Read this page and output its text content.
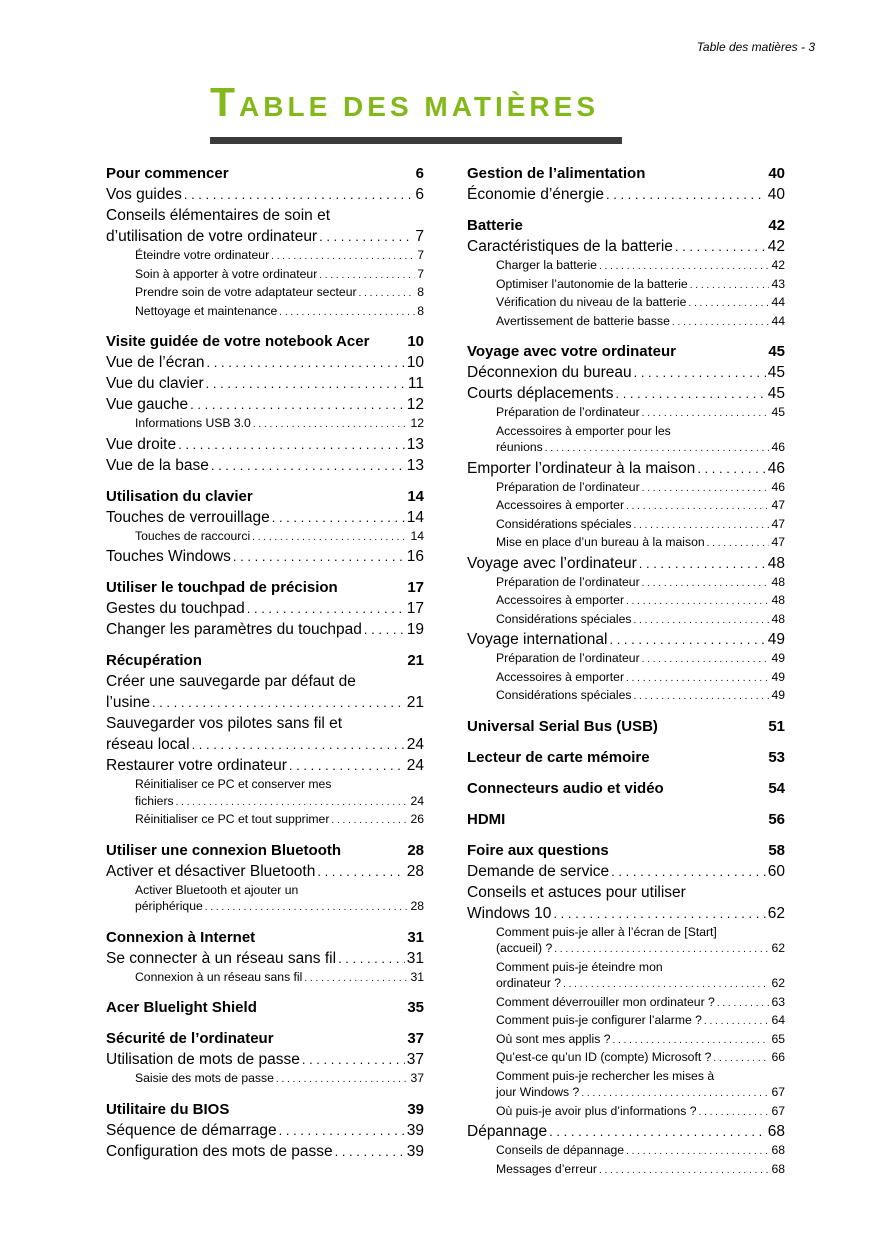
Table des matières - 3
TABLE DES MATIÈRES
Pour commencer	6
Vos guides . . .	6
Conseils élémentaires de soin et
d’utilisation de votre ordinateur . . .	7
Éteindre votre ordinateur . . .	7
Soin à apporter à votre ordinateur . . .	7
Prendre soin de votre adaptateur secteur . . .	8
Nettoyage et maintenance . . .	8
Visite guidée de votre notebook Acer	10
Vue de l’écran . . .	10
Vue du clavier . . .	11
Vue gauche . . .	12
Informations USB 3.0 . . .	12
Vue droite . . .	13
Vue de la base . . .	13
Utilisation du clavier	14
Touches de verrouillage . . .	14
Touches de raccourci . . .	14
Touches Windows . . .	16
Utiliser le touchpad de précision	17
Gestes du touchpad . . .	17
Changer les paramètres du touchpad . . .	19
Récupération	21
Créer une sauvegarde par défaut de
l’usine . . .	21
Sauvegarder vos pilotes sans fil et
réseau local . . .	24
Restaurer votre ordinateur . . .	24
Réinitialiser ce PC et conserver mes
fichiers . . .	24
Réinitialiser ce PC et tout supprimer . . .	26
Utiliser une connexion Bluetooth	28
Activer et désactiver Bluetooth . . .	28
Activer Bluetooth et ajouter un
périphérique . . .	28
Connexion à Internet	31
Se connecter à un réseau sans fil . . .	31
Connexion à un réseau sans fil . . .	31
Acer Bluelight Shield	35
Sécurité de l’ordinateur	37
Utilisation de mots de passe . . .	37
Saisie des mots de passe . . .	37
Utilitaire du BIOS	39
Séquence de démarrage . . .	39
Configuration des mots de passe . . .	39
Gestion de l’alimentation	40
Économie d’énergie . . .	40
Batterie	42
Caractéristiques de la batterie . . .	42
Charger la batterie . . .	42
Optimiser l’autonomie de la batterie . . .	43
Vérification du niveau de la batterie . . .	44
Avertissement de batterie basse . . .	44
Voyage avec votre ordinateur	45
Déconnexion du bureau . . .	45
Courts déplacements . . .	45
Préparation de l’ordinateur . . .	45
Accessoires à emporter pour les
réunions . . .	46
Emporter l’ordinateur à la maison . . .	46
Préparation de l’ordinateur . . .	46
Accessoires à emporter . . .	47
Considérations spéciales . . .	47
Mise en place d’un bureau à la maison . . .	47
Voyage avec l’ordinateur . . .	48
Préparation de l’ordinateur . . .	48
Accessoires à emporter . . .	48
Considérations spéciales . . .	48
Voyage international . . .	49
Préparation de l’ordinateur . . .	49
Accessoires à emporter . . .	49
Considérations spéciales . . .	49
Universal Serial Bus (USB)	51
Lecteur de carte mémoire	53
Connecteurs audio et vidéo	54
HDMI	56
Foire aux questions	58
Demande de service . . .	60
Conseils et astuces pour utiliser
Windows 10 . . .	62
Comment puis-je aller à l’écran de [Start]
(accueil) ? . . .	62
Comment puis-je éteindre mon
ordinateur ? . . .	62
Comment déverrouiller mon ordinateur ? . . .	63
Comment puis-je configurer l’alarme ? . . .	64
Où sont mes applis ? . . .	65
Qu’est-ce qu’un ID (compte) Microsoft ? . . .	66
Comment puis-je rechercher les mises à
jour Windows ? . . .	67
Où puis-je avoir plus d’informations ? . . .	67
Dépannage . . .	68
Conseils de dépannage . . .	68
Messages d’erreur . . .	68
